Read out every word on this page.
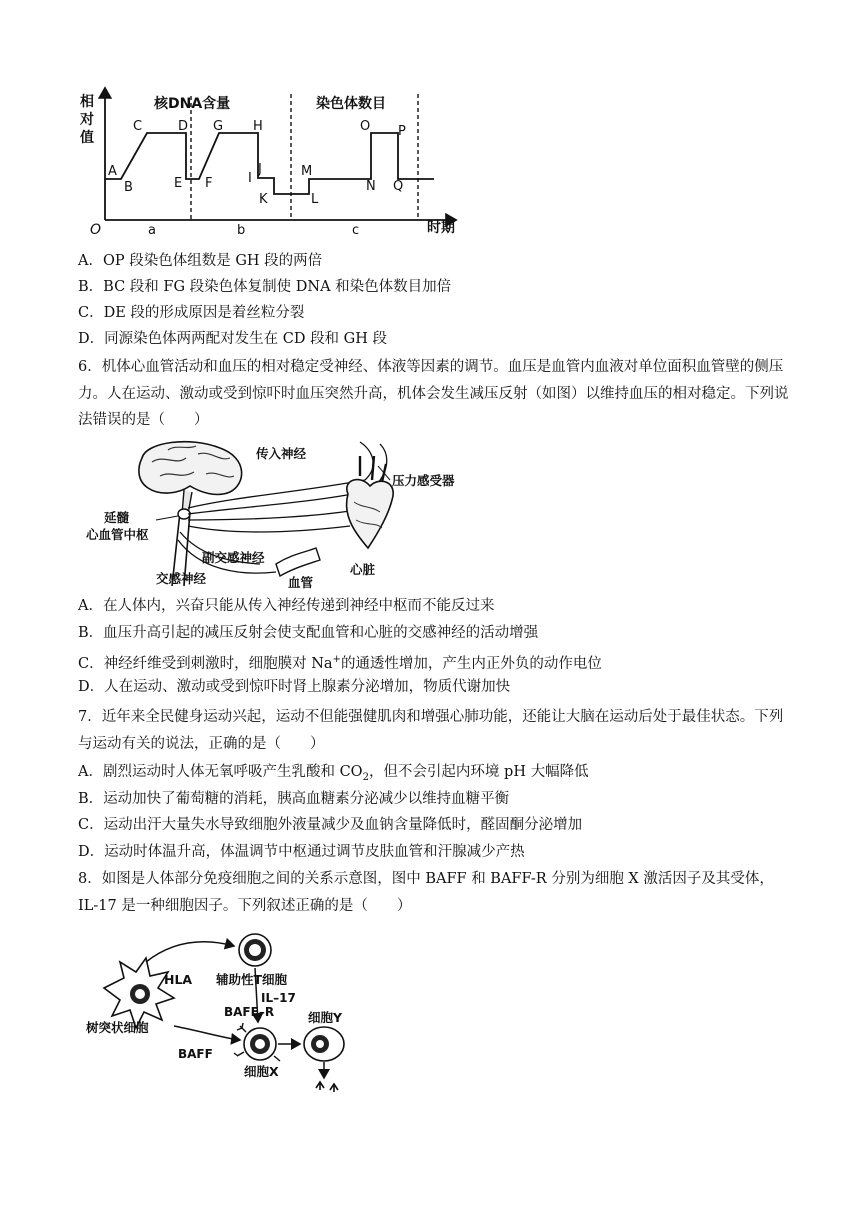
相
对
值
O	时期
核DNA含量	染色体数目
a	b	c
A
B
C	D
E F
G H
I
J
K	L
M
N
O P
Q
A．OP 段染色体组数是 GH 段的两倍
B．BC 段和 FG 段染色体复制使 DNA 和染色体数目加倍
C．DE 段的形成原因是着丝粒分裂
D．同源染色体两两配对发生在 CD 段和 GH 段
6．机体心血管活动和血压的相对稳定受神经、体液等因素的调节。血压是血管内血液对单位面积血管壁的侧压力。人在运动、激动或受到惊吓时血压突然升高，机体会发生减压反射（如图）以维持血压的相对稳定。下列说法错误的是（　　）
传入神经
压力感受器
延髓
心血管中枢
副交感神经
交感神经	血管
心脏
A．在人体内，兴奋只能从传入神经传递到神经中枢而不能反过来
B．血压升高引起的减压反射会使支配血管和心脏的交感神经的活动增强
C．神经纤维受到刺激时，细胞膜对 Na+的通透性增加，产生内正外负的动作电位
D．人在运动、激动或受到惊吓时肾上腺素分泌增加，物质代谢加快
7．近年来全民健身运动兴起，运动不但能强健肌肉和增强心肺功能，还能让大脑在运动后处于最佳状态。下列与运动有关的说法，正确的是（　　）
A．剧烈运动时人体无氧呼吸产生乳酸和 $CO_2$，但不会引起内环境 pH 大幅降低
B．运动加快了葡萄糖的消耗，胰高血糖素分泌减少以维持血糖平衡
C．运动出汗大量失水导致细胞外液量减少及血钠含量降低时，醛固酮分泌增加
D．运动时体温升高，体温调节中枢通过调节皮肤血管和汗腺减少产热
8．如图是人体部分免疫细胞之间的关系示意图，图中 BAFF 和 BAFF-R 分别为细胞 X 激活因子及其受体，IL-17 是一种细胞因子。下列叙述正确的是（　　）
辅助性T细胞
HLA
IL–17
BAFF–R
树突状细胞
BAFF
细胞X
细胞Y
